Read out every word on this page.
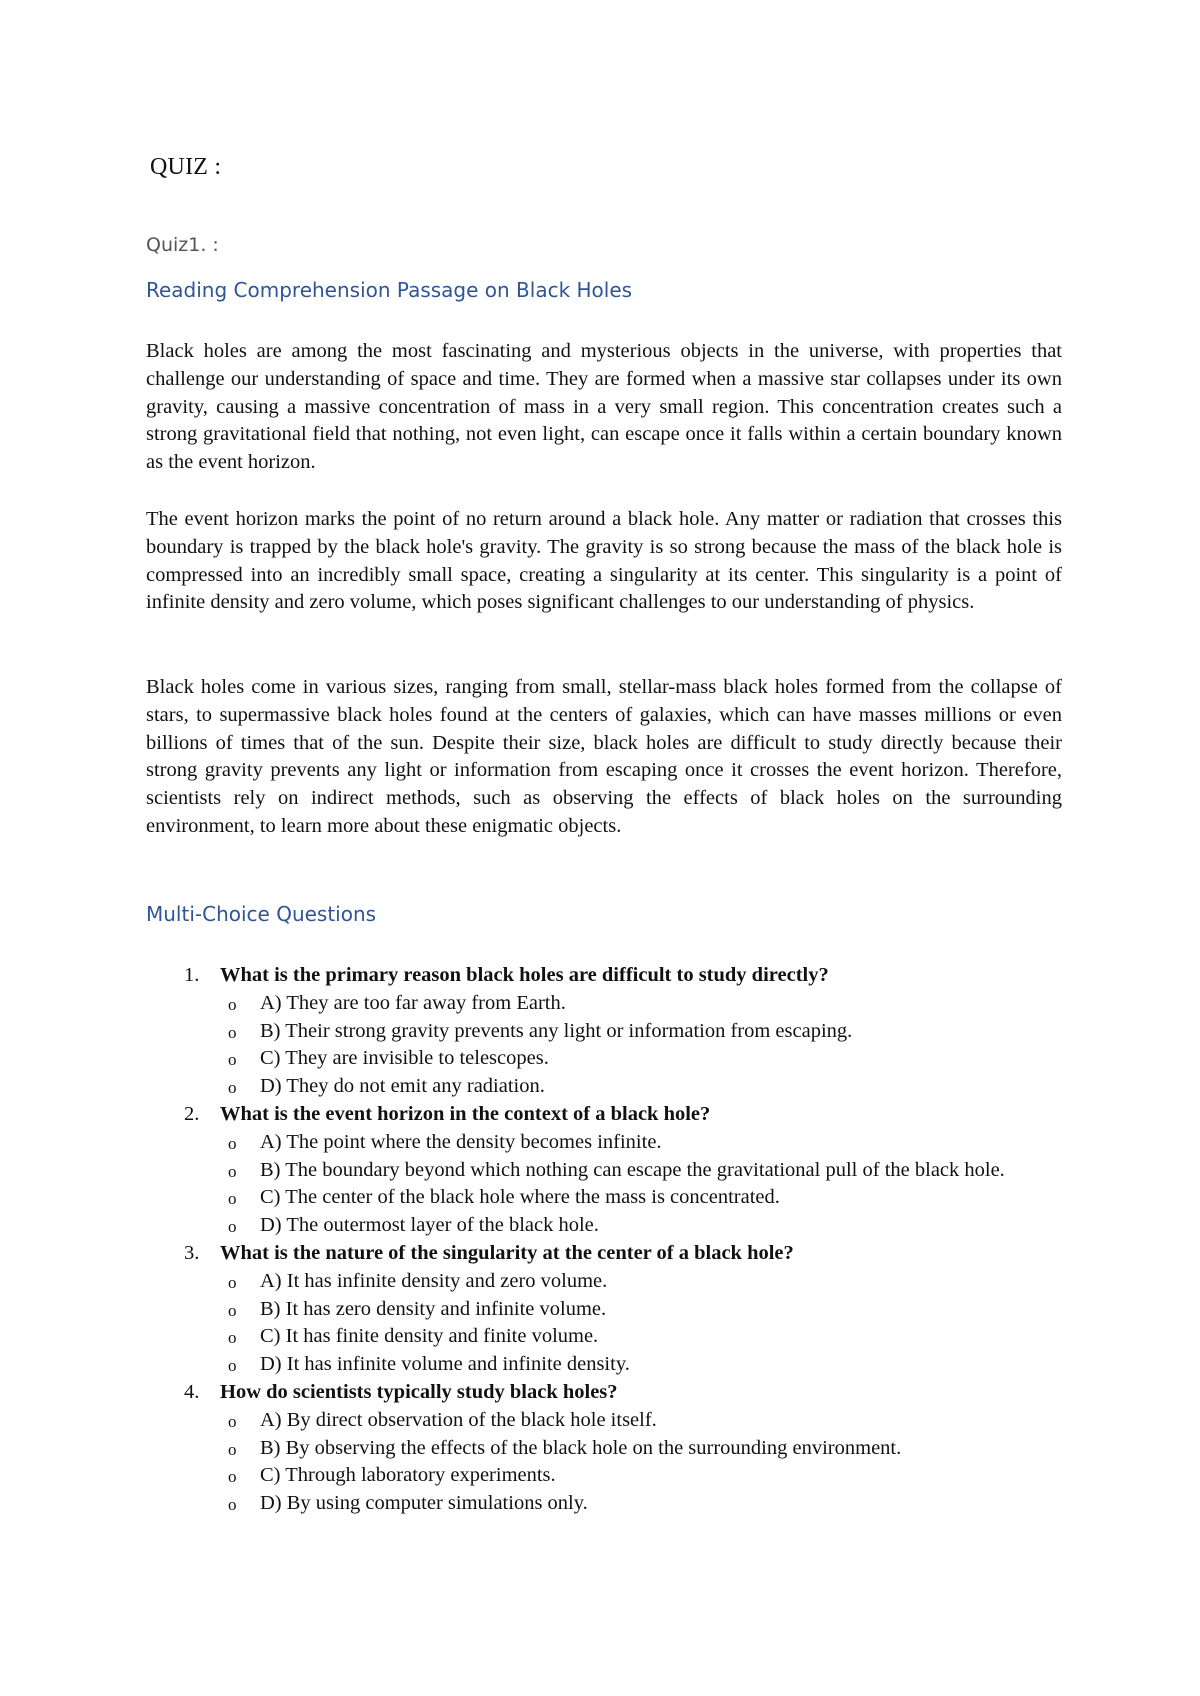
QUIZ :
Quiz1. :
Reading Comprehension Passage on Black Holes

Black holes are among the most fascinating and mysterious objects in the universe, with properties that challenge our understanding of space and time. They are formed when a massive star collapses under its own gravity, causing a massive concentration of mass in a very small region. This concentration creates such a strong gravitational field that nothing, not even light, can escape once it falls within a certain boundary known as the event horizon.

The event horizon marks the point of no return around a black hole. Any matter or radiation that crosses this boundary is trapped by the black hole's gravity. The gravity is so strong because the mass of the black hole is compressed into an incredibly small space, creating a singularity at its center. This singularity is a point of infinite density and zero volume, which poses significant challenges to our understanding of physics.

Black holes come in various sizes, ranging from small, stellar-mass black holes formed from the collapse of stars, to supermassive black holes found at the centers of galaxies, which can have masses millions or even billions of times that of the sun. Despite their size, black holes are difficult to study directly because their strong gravity prevents any light or information from escaping once it crosses the event horizon. Therefore, scientists rely on indirect methods, such as observing the effects of black holes on the surrounding environment, to learn more about these enigmatic objects.

Multi-Choice Questions
1. What is the primary reason black holes are difficult to study directly?
o A) They are too far away from Earth.
o B) Their strong gravity prevents any light or information from escaping.
o C) They are invisible to telescopes.
o D) They do not emit any radiation.
2. What is the event horizon in the context of a black hole?
o A) The point where the density becomes infinite.
o B) The boundary beyond which nothing can escape the gravitational pull of the black hole.
o C) The center of the black hole where the mass is concentrated.
o D) The outermost layer of the black hole.
3. What is the nature of the singularity at the center of a black hole?
o A) It has infinite density and zero volume.
o B) It has zero density and infinite volume.
o C) It has finite density and finite volume.
o D) It has infinite volume and infinite density.
4. How do scientists typically study black holes?
o A) By direct observation of the black hole itself.
o B) By observing the effects of the black hole on the surrounding environment.
o C) Through laboratory experiments.
o D) By using computer simulations only.
